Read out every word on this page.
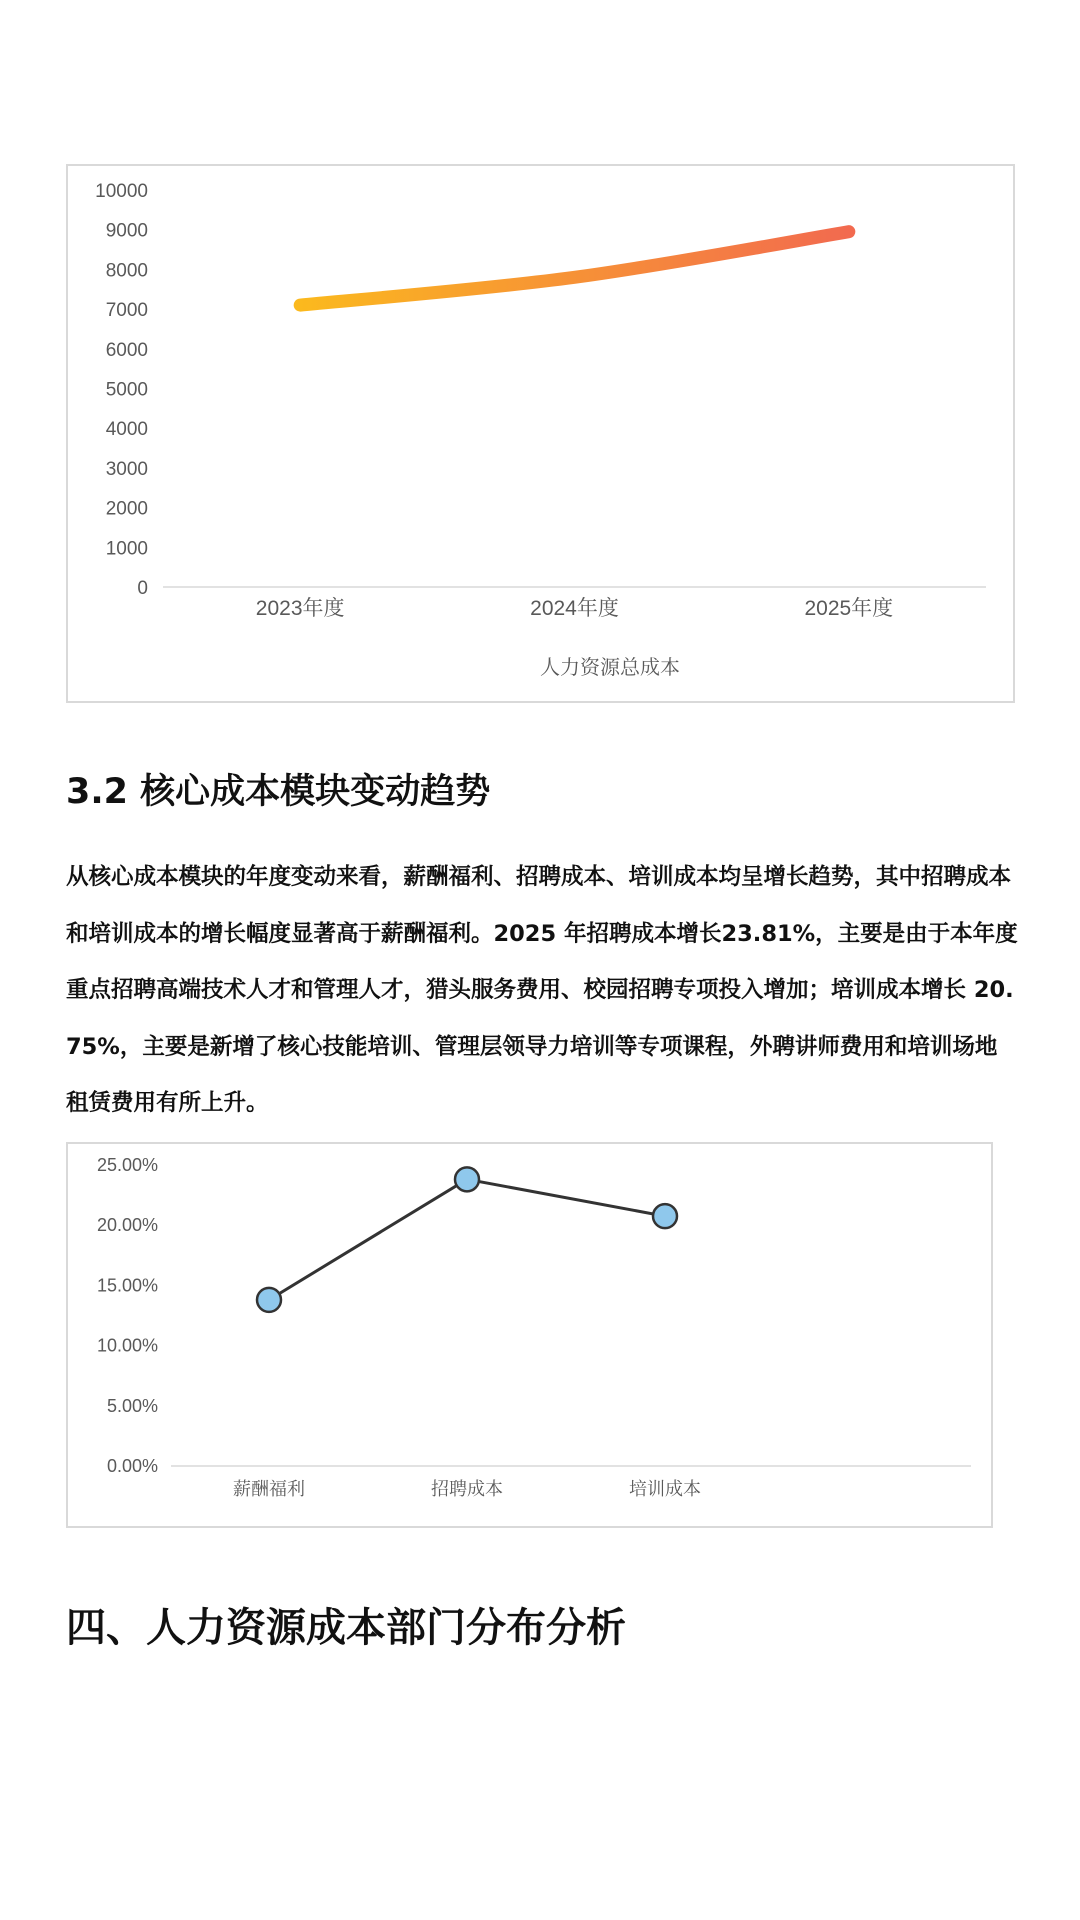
0
1000
2000
3000
4000
5000
6000
7000
8000
9000
10000
2023年度	2024年度	2025年度
人力资源总成本
3.2 核心成本模块变动趋势

从核心成本模块的年度变动来看，薪酬福利、招聘成本、培训成本均呈增长趋势，其中招聘成本和培训成本的增长幅度显著高于薪酬福利。2025 年招聘成本增长23.81%，主要是由于本年度重点招聘高端技术人才和管理人才，猎头服务费用、校园招聘专项投入增加；培训成本增长 20.75%，主要是新增了核心技能培训、管理层领导力培训等专项课程，外聘讲师费用和培训场地租赁费用有所上升。

0.00%
5.00%
10.00%
15.00%
20.00%
25.00%
薪酬福利	招聘成本	培训成本
四、人力资源成本部门分布分析
